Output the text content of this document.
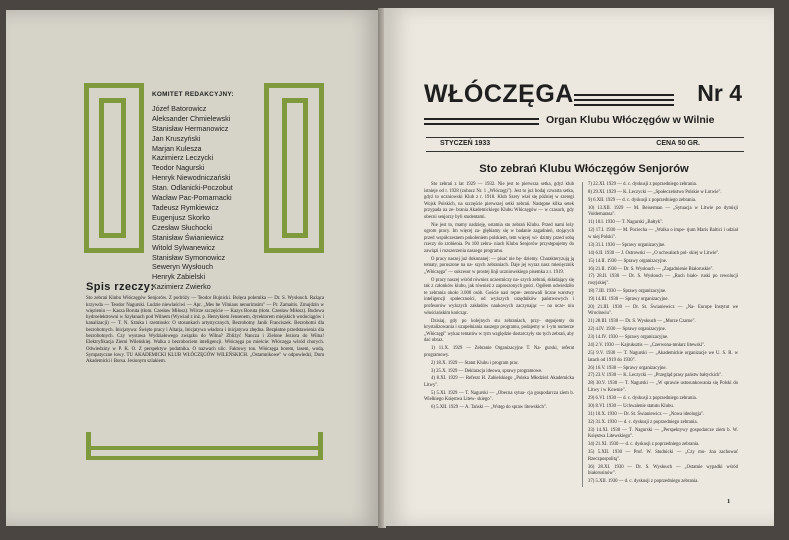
KOMITET REDAKCYJNY:
Józef Batorowicz
Aleksander Chmielewski
Stanisław Hermanowicz
Jan Kruszyński
Marjan Kulesza
Kazimierz Leczycki
Teodor Nagurski
Henryk Niewodniczański
Stan. Odlanicki-Poczobut
Wacław Pac-Pomarnacki
Tadeusz Rymkiewicz
Eugenjusz Skorko
Czesław Słuchocki
Stanisław Świaniewicz
Witold Sylwanewicz
Stanisław Symonowicz
Seweryn Wysłouch
Henryk Zabielski
Kazimierz Zwierko
Spis rzeczy:
Sto zebrań Klubu Włóczęgów Senjorów. Z podróży — Teodor Bujnicki. Bolęca polemika — Dr. S. Wysłouch. Rażąca krzywda — Teodor Nagurski. Ludzie niewlaściwi — Apr. „Mes be Vilniaus nenurimsim" — Pr. Zamaitis. Zmujdzin w więzieniu — Kasza Boruta (tłom. Czesław Miłosz). Wilcze szczęście — Kazys Boruta (tłom. Czesław Miłosz). Budowa hydroelektrowni w Szyłanach pod Wilnem (Wywiad z inż. p. Henrykiem Jensenem, dyrektorem miejskich wodociągów i kanalizacji) — T. N. Sztuka i rzemiosło: O stosunkach artystycznych, Bezrobotny Janik Franciszek. Bezrobotni dla bezrobotnych. Inicjatywa: Święto pracy i Altarja, Inicjatywa władzca i inicjatywa zbędna. Bezpłatne przedstawienia dla bezrobotnych. Czy wystawa Wydziałowego związku do Wilna? Zbliżyć Nancza i Zielone Jeziora do Wilna! Elektryfikacja Ziemi Wileńskiej. Walka z bezrobociem inteligencji. Włóczęga po mieście: Włóczęga wśród chorych. Odwiedziny w P. K. O. Z perspektyw podatnika. O nazwach ulic. Faktowy ton. Włóczęga borem, lasem, wodą. Sympatyczne łowy. TU AKADEMICKI KLUB WŁÓCZĘGÓW WILEŃSKICH. „Ostamnikowe" w odpowiedzi, Dom Akademicki i Borsa. Jesionym szlakiem.
WŁÓCZĘGA	Nr 4
Organ Klubu Włóczęgów w Wilnie
STYCZEŃ 1933	CENA 50 GR.
Sto zebrań Klubu Włóczęgów Senjorów

Sto zebrań z lat 1929 — 1932. Nie jest to pierwsza setka, gdyż klub istnieje od r. 1928 (zobacz Nr. 1 „Włóczęgi"). Jest to już bodaj czwarta setka, gdyż to uczniowski Klub z r. 1918. Klub Szery wiał się później w szeregi Wojsk Polskich, na szczęście pierwszej setki zebrań. Następne kilka setek przypada na ze- brania Akademickiego Klubu Włóczęgów — w czasach, gdy obecni senjorzy byli studentami.

Nie jest to, mamy nadzieję, ostatnia sto zebrań Klubu. Przed nami leży ogrom pracy. Im więcej za- głębiamy się w badanie zagadnień, stojących przed współczesnem pokoleniem polskiem, tem więcej wi- dzimy przed sobą rzeczy do zrobienia. Po 100 zebra- niach Klubu Senjorów przystępujemy do zawiązi i rozszerzenia naszego programu.

O pracy naszej już dokonanej: — pisać nie bę- dziemy. Charakteryzują ją tematy, poruszone na na- szych zebraniach. Daje jej wyraz nasz miesięcznik „Włóczęga" — sukcesor w prostej linji uczniowskiego pisemka z r. 1919.

O pracy naszej wśród równiez uczestniczy na- szych zebrań, składający się tak z członków klubu, jak również z zaproszonych gości. Ogółem odwiedziło te zebrania około 3.000 osób. Goście nasi repre- zentowali liczne warstwy inteligencji społeczności, od wyższych urzędników państwowych i profesorów wyższych zakładów naukowych zaczynając — na ucze- niu włościańskim kończąc.

Dzisiaj, gdy po kolejnych stu zebraniach, przy- stępujemy do krystalizowania i uzupełniania naszego programu, podajemy w 1-ym numerze „Włóczęgi" wykaz tematów w tym względzie dostarczyły sto tych zebrań, aby dać obraz.

1) 11.X. 1929 — Zebranie Organizacyjne T. Na- gurski, referat programowy.

2) 18.X. 1929 — Statut Klubu i program prac.

3) 25.X. 1929 — Deklaracja ideowa, sprawy programowe.

4) 8.XI. 1929 — Referat H. Zabielskiego „Polska Młodzież Akademicka Litwy".

5) 5.XI. 1929 — T. Nagurski — „Obecna sytua- cja gospodarcza ziem b. Wielkiego Księstwa Litew- skiego".

6) 5.XII. 1929 — A. Tański — „Wstęp do spraw litewskich".

7) 22.XI. 1929 — d. c. dyskusji z poprzedniego zebrania.

8) 29.XI. 1929 — K. Leczycki — „Społeczeństwo Polskie w Łotwie".

9) 6.XII. 1929 — d. c. dyskusji z poprzedniego zebrania.

10) 13.XII. 1929 — M. Beiserman — „Sytuacja w Litwie po dymisji Voldemarasa".

11) 10.I. 1930 — T. Nagurski „Bałtyk".

12) 17.I. 1930 — M. Pociecha — „Walka o impe- rjum Maris Baltici i udział w niej Polski".

13) 31.I. 1930 — Sprawy organizacyjne.

14) 6.II. 1930 — J. Ostrowski — „O uchwałach pol- skiej w Litwie".

15) 14.II. 1930 — Sprawy organizacyjne.

16) 21.II. 1930 — Dr. S. Wysłouch — „Zagadnienie Białoruskie".

17) 28.II. 1930 — Dr. S. Wysłouch — „Ruch biało- ruski po rewolucji rosyjskiej".

18) 7.III. 1930 — Sprawy organizacyjne.

19) 14.III. 1930 — Sprawy organizacyjne.

20) 21.III. 1930 — Dr. St. Świaniewicz — „Na- Europe Instytut we Wrocławiu".

21) 28.III. 1930 — Dr. S. Wysłouch — „Morze Czarne".

22) 4.IV. 1930 — Sprawy organizacyjne.

23) 14.IV. 1930 — Sprawy organizacyjne.

24) 2.V. 1930 — Kajruksztis — „Czerwona-mnłarz litewski".

25) 9.V. 1930 — T. Nagurski — „Akademickie organizacje we U. S. R. w latach od 1919 do 1930".

26) 16.V. 1930 — Sprawy organizacyjne.

27) 23.V. 1930 — K. Leczycki — „Przegląd prasy państw bałtyckich".

28) 30.V. 1930 — T. Nagurski — „W sprawie ustosunkowania się Polski do Litwy i w Kownie".

29) 6.VI. 1930 — d. c. dyskusji z poprzedniego zebrania.

30) 8.VI. 1930 — Uchwalenie statutu Klubu.

31) 10.X. 1930 — Dr. St. Świaniewicz — „Nowa ideologja".

32) 31.X. 1930 — d. c. dyskusji z poprzedniego zebrania.

33) 14.XI. 1930 — T. Nagurski — „Perspektywy gospodarcze ziem b. W. Księstwa Litewskiego".

34) 21.XI. 1930 — d. c. dyskusji z poprzedniego zebrania.

35) 5.XII. 1930 — Prof. W. Studnicki — „Czy mo- żna zachować Rzeczpospolitą".

36) 28.XI. 1930 — Dr. S. Wysłouch — „Ostatnie wypadki wśród białorusinów".

37) 5.XII. 1930 — d. c. dyskusji z poprzedniego zebrania.

1
